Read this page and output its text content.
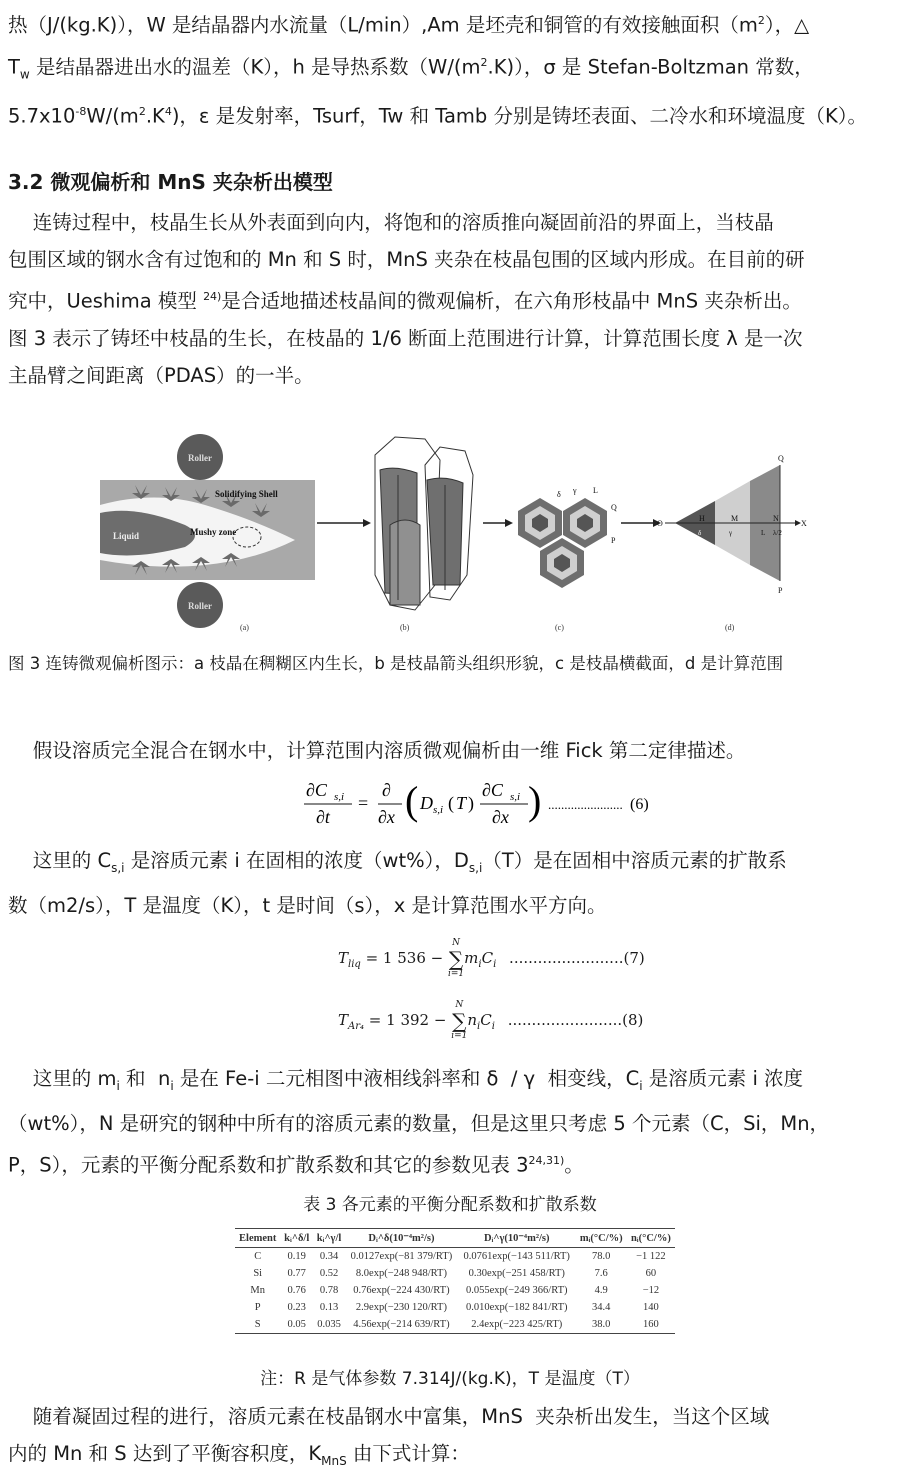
热（J/(kg.K)），W 是结晶器内水流量（L/min）,Am 是坯壳和铜管的有效接触面积$(m^2)$，△
$T_w$ 是结晶器进出水的温差（K），h 是导热系数$(W/(m^2.K))$，σ 是 Stefan-Boltzman 常数，
$5.7x10^{-8}W/(m^2.K^4)$，ε 是发射率，Tsurf，Tw 和 Tamb 分别是铸坯表面、二冷水和环境温度（K）。
3.2 微观偏析和 MnS 夹杂析出模型
连铸过程中，枝晶生长从外表面到向内，将饱和的溶质推向凝固前沿的界面上，当枝晶
包围区域的钢水含有过饱和的 Mn 和 S 时，MnS 夹杂在枝晶包围的区域内形成。在目前的研
究中，Ueshima 模型 $^{24)}$是合适地描述枝晶间的微观偏析，在六角形枝晶中 MnS 夹杂析出。
图 3 表示了铸坯中枝晶的生长，在枝晶的 1/6 断面上范围进行计算，计算范围长度 λ 是一次
主晶臂之间距离（PDAS）的一半。
Roller
Roller
Solidifying Shell
Liquid	Mushy zone
(a)	(b)
δ γ L
Q
P
(c)
Q
P
O
H	M	N
X
δ	γ	L λ/2
(d)
图 3 连铸微观偏析图示：a 枝晶在稠糊区内生长，b 是枝晶箭头组织形貌，c 是枝晶横截面，d 是计算范围
假设溶质完全混合在钢水中，计算范围内溶质微观偏析由一维 Fick 第二定律描述。
∂C s,i
∂t
=
∂
∂x ( D s,i ( T )
∂C s,i
∂x ) ....................... (6)
这里的 $C_{s,i}$ 是溶质元素 i 在固相的浓度（wt%），$D_{s,i}(T)$是在固相中溶质元素的扩散系
数（m2/s），T 是温度（K），t 是时间（s），x 是计算范围水平方向。
$T_{liq} = 1$ 536 −
N
∑
i=1
$m_iC_i$ ........................(7)
$T_{Ar_4} = 1$ 392 −
N
∑
i=1
$n_iC_i$ ........................(8)
这里的 $m_i$ 和  $n_i$ 是在 Fe-i 二元相图中液相线斜率和 δ  / γ  相变线，$C_i$ 是溶质元素 i 浓度
（wt%），N 是研究的钢种中所有的溶质元素的数量，但是这里只考虑 5 个元素（C，Si，Mn，
P，S），元素的平衡分配系数和扩散系数和其它的参数见表 3$^{24,31)}$。
表 3 各元素的平衡分配系数和扩散系数
Element	kᵢ^δ/l	kᵢ^γ/l	Dᵢ^δ(10⁻⁴m²/s)	Dᵢ^γ(10⁻⁴m²/s)	mᵢ(°C/%)	nᵢ(°C/%)
C	0.19	0.34	0.0127exp(−81 379/RT)	0.0761exp(−143 511/RT)	78.0	−1 122
Si	0.77	0.52	8.0exp(−248 948/RT)	0.30exp(−251 458/RT)	7.6	60
Mn	0.76	0.78	0.76exp(−224 430/RT)	0.055exp(−249 366/RT)	4.9	−12
P	0.23	0.13	2.9exp(−230 120/RT)	0.010exp(−182 841/RT)	34.4	140
S	0.05	0.035	4.56exp(−214 639/RT)	2.4exp(−223 425/RT)	38.0	160
注：R 是气体参数 7.314J/(kg.K)，T 是温度（T）
随着凝固过程的进行，溶质元素在枝晶钢水中富集，MnS  夹杂析出发生，当这个区域
内的 Mn 和 S 达到了平衡容积度，$K_{MnS}$ 由下式计算：
